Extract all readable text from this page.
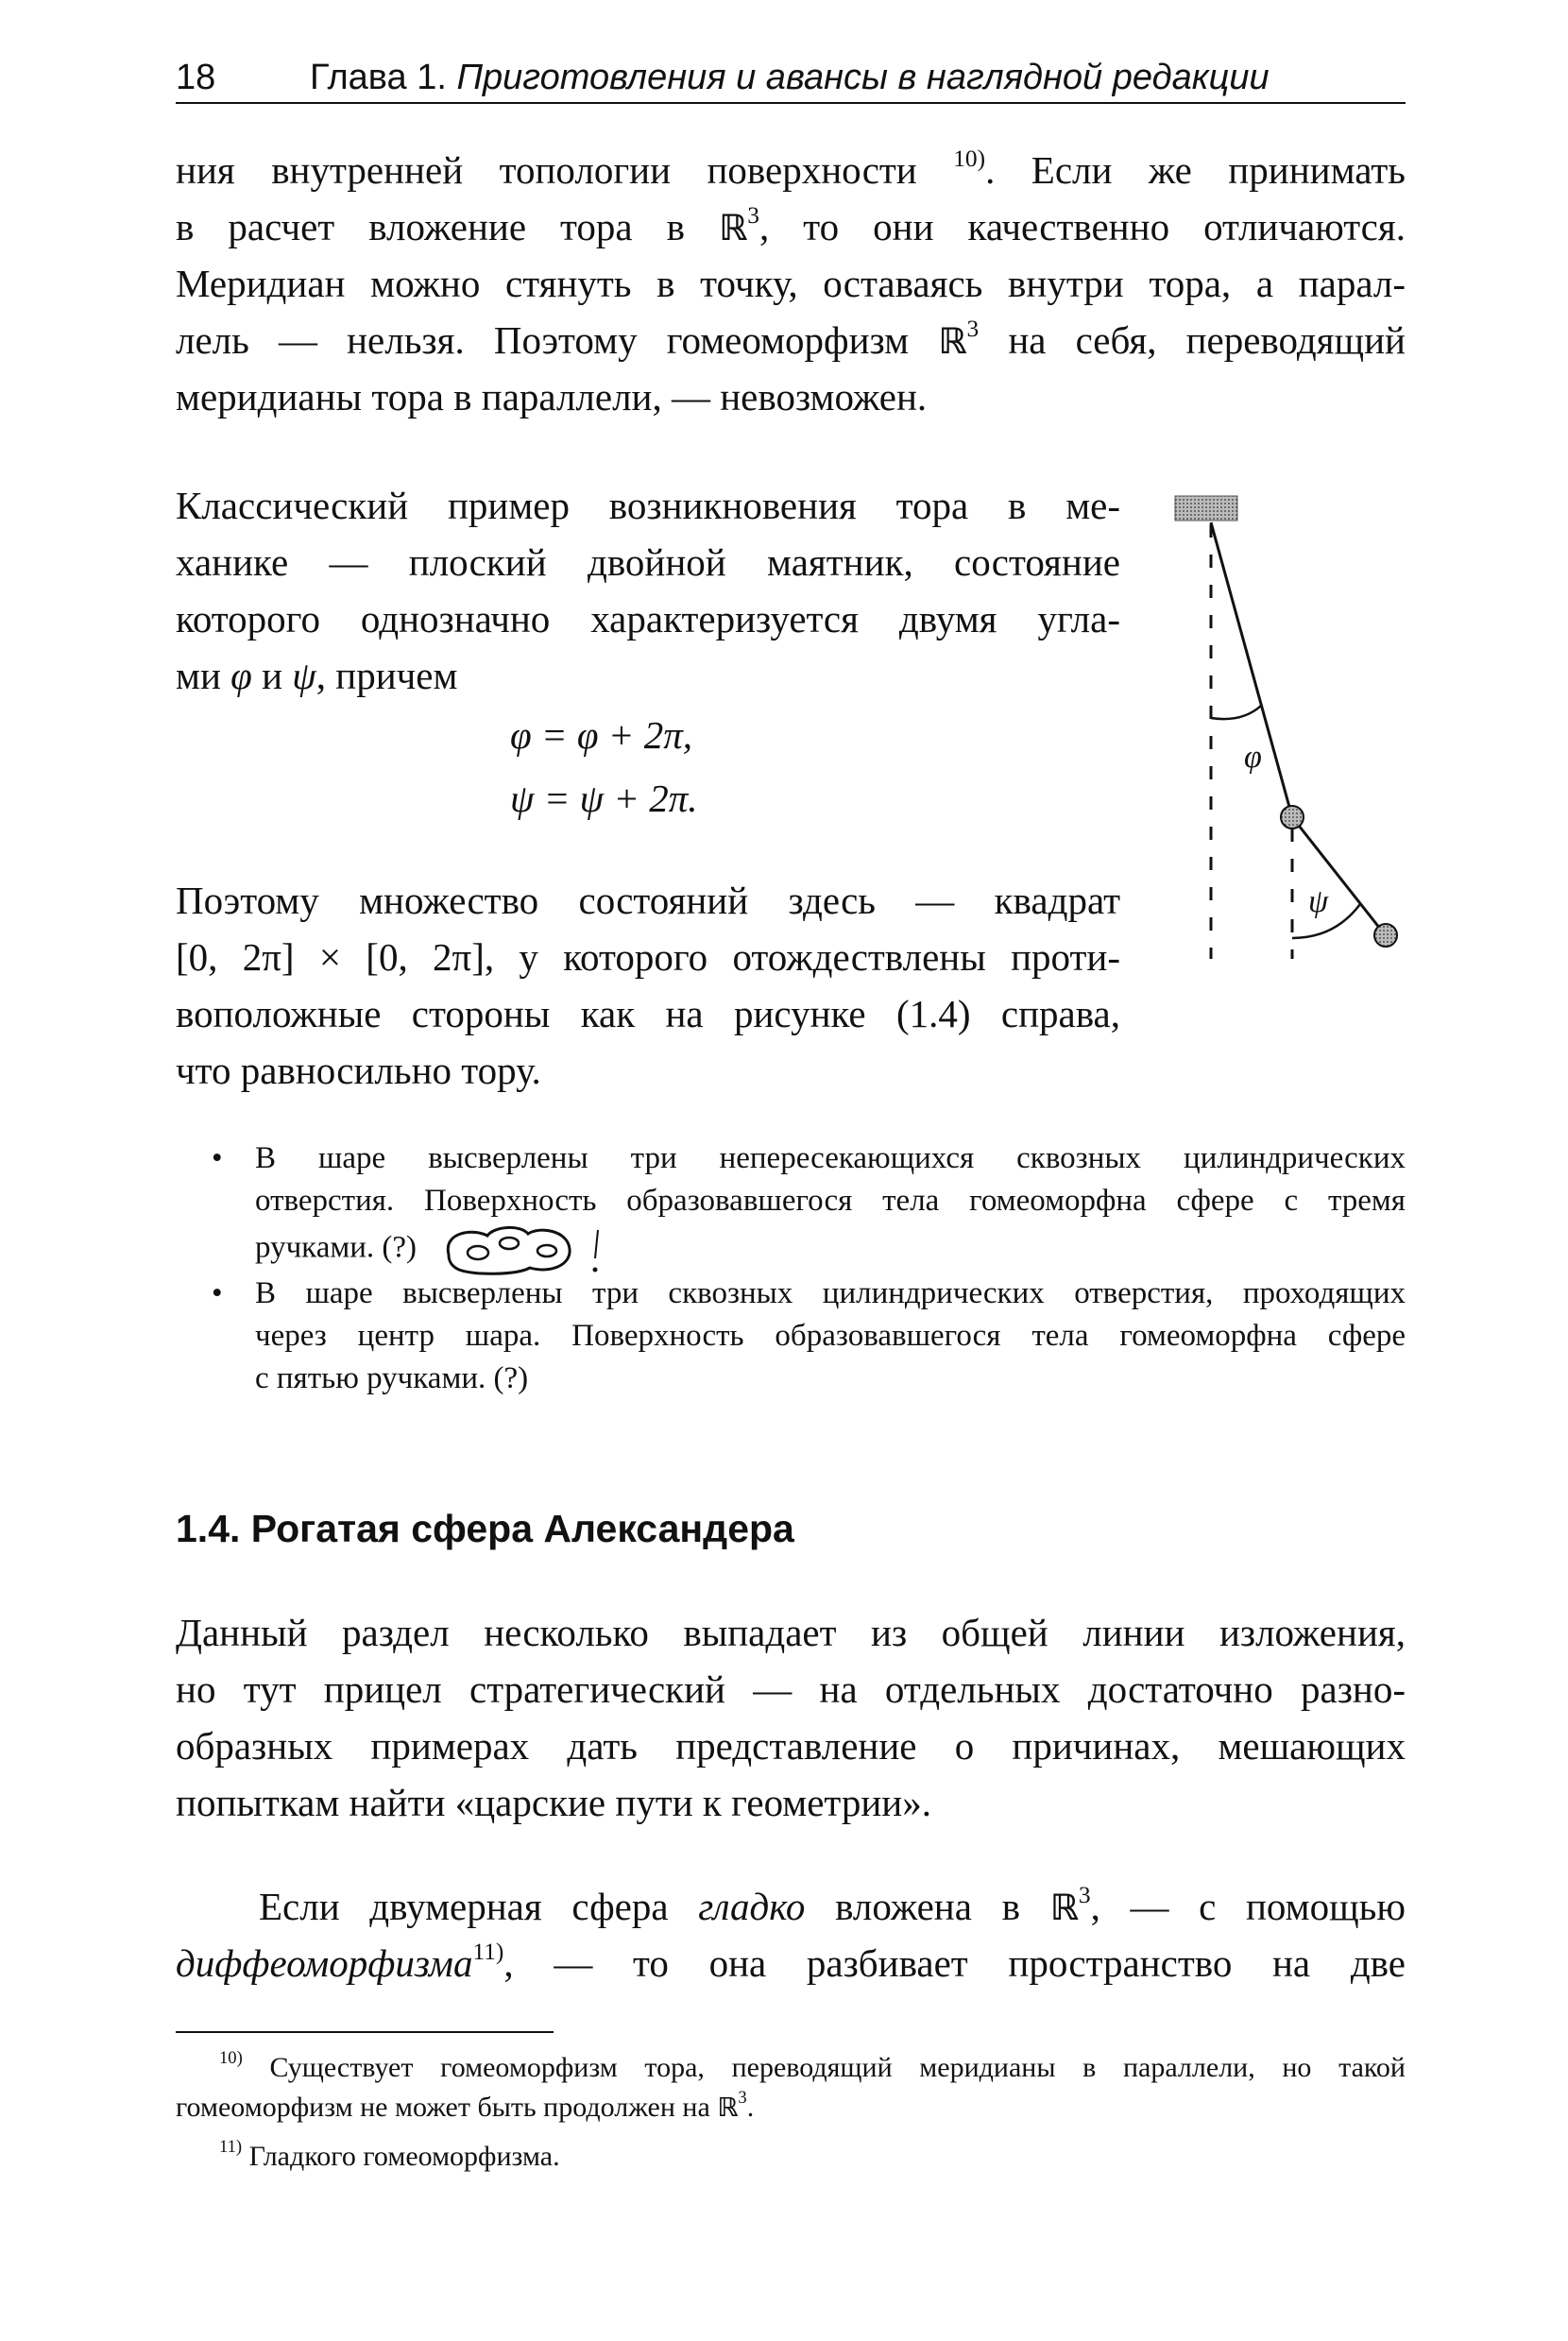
18	Глава 1. Приготовления и авансы в наглядной редакции
ния внутренней топологии поверхности $^{10)}$. Если же принимать
в расчет вложение тора в ℝ$^3$, то они качественно отличаются.
Меридиан можно стянуть в точку, оставаясь внутри тора, а парал-
лель — нельзя. Поэтому гомеоморфизм ℝ$^3$ на себя, переводящий
меридианы тора в параллели, — невозможен.
Классический пример возникновения тора в ме-
ханике — плоский двойной маятник, состояние
которого однозначно характеризуется двумя угла-
ми φ и ψ, причем
φ = φ + 2π,
ψ = ψ + 2π.
Поэтому множество состояний здесь — квадрат
[0, 2π] × [0, 2π], у которого отождествлены проти-
воположные стороны как на рисунке (1.4) справа,
что равносильно тору.
φ
ψ
• В шаре высверлены три непересекающихся сквозных цилиндрических
отверстия. Поверхность образовавшегося тела гомеоморфна сфере с тремя
ручками. (?)
• В шаре высверлены три сквозных цилиндрических отверстия, проходящих
через центр шара. Поверхность образовавшегося тела гомеоморфна сфере
с пятью ручками. (?)
1.4. Рогатая сфера Александера
Данный раздел несколько выпадает из общей линии изложения,
но тут прицел стратегический — на отдельных достаточно разно-
образных примерах дать представление о причинах, мешающих
попыткам найти «царские пути к геометрии».
Если двумерная сфера гладко вложена в ℝ$^3$, — с помощью
диффеоморфизма$^{11)}$, — то она разбивает пространство на две
$^{10)}$ Существует гомеоморфизм тора, переводящий меридианы в параллели, но такой
гомеоморфизм не может быть продолжен на ℝ$^3$.
$^{11)}$ Гладкого гомеоморфизма.
